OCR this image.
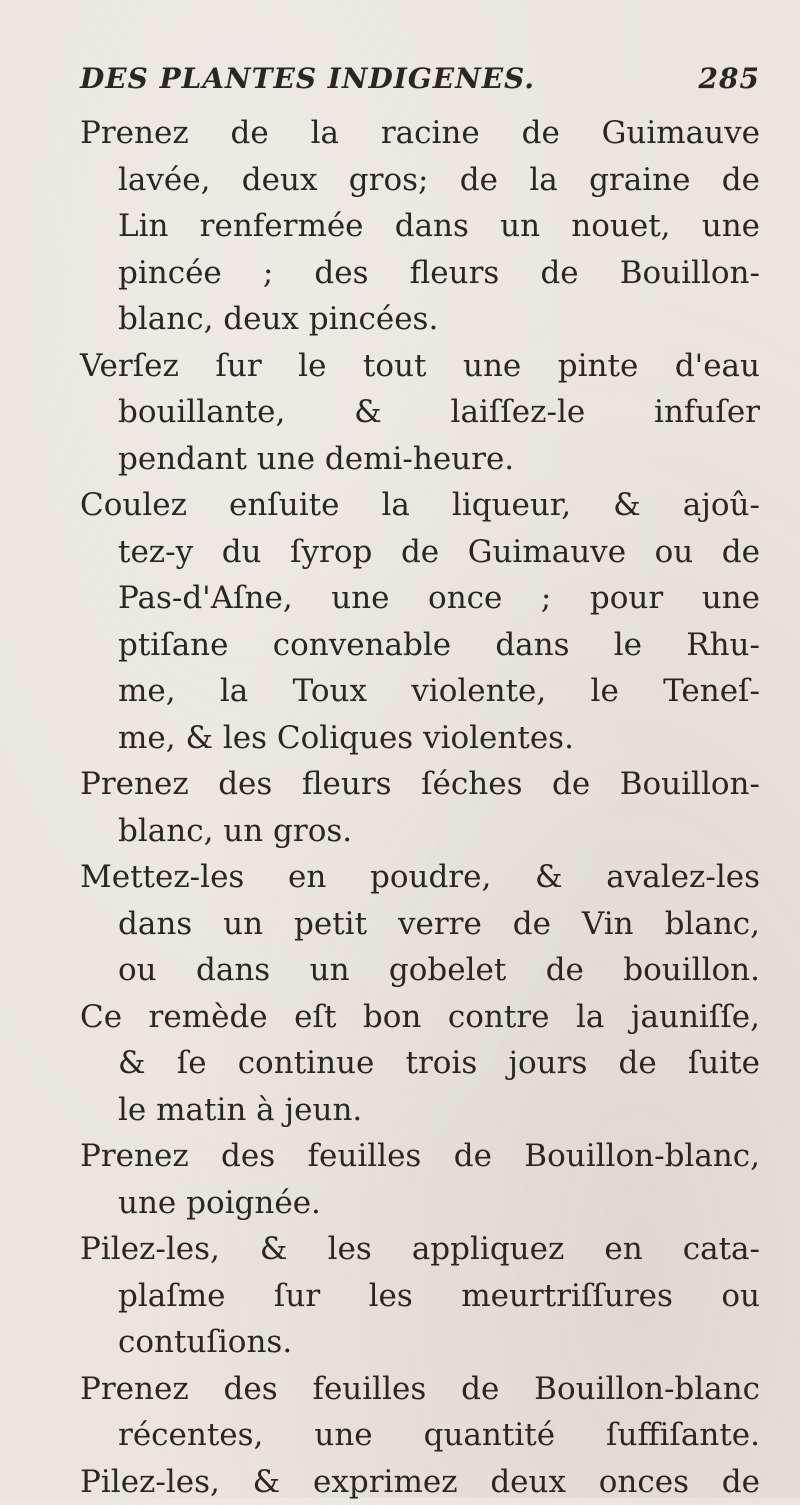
DES PLANTES INDIGENES.	285
Prenez de la racine de Guimauve
lavée, deux gros; de la graine de
Lin renfermée dans un nouet, une
pincée ; des fleurs de Bouillon-
blanc, deux pincées.
Verſez ſur le tout une pinte d'eau
bouillante, & laiſſez-le infuſer
pendant une demi-heure.
Coulez enſuite la liqueur, & ajoû-
tez-y du ſyrop de Guimauve ou de
Pas-d'Aſne, une once ; pour une
ptiſane convenable dans le Rhu-
me, la Toux violente, le Teneſ-
me, & les Coliques violentes.
Prenez des fleurs ſéches de Bouillon-
blanc, un gros.
Mettez-les en poudre, & avalez-les
dans un petit verre de Vin blanc,
ou dans un gobelet de bouillon.
Ce remède eſt bon contre la jauniſſe,
& ſe continue trois jours de ſuite
le matin à jeun.
Prenez des feuilles de Bouillon-blanc,
une poignée.
Pilez-les, & les appliquez en cata-
plaſme ſur les meurtriſſures ou
contuſions.
Prenez des feuilles de Bouillon-blanc
récentes, une quantité ſuffiſante.
Pilez-les, & exprimez deux onces de
